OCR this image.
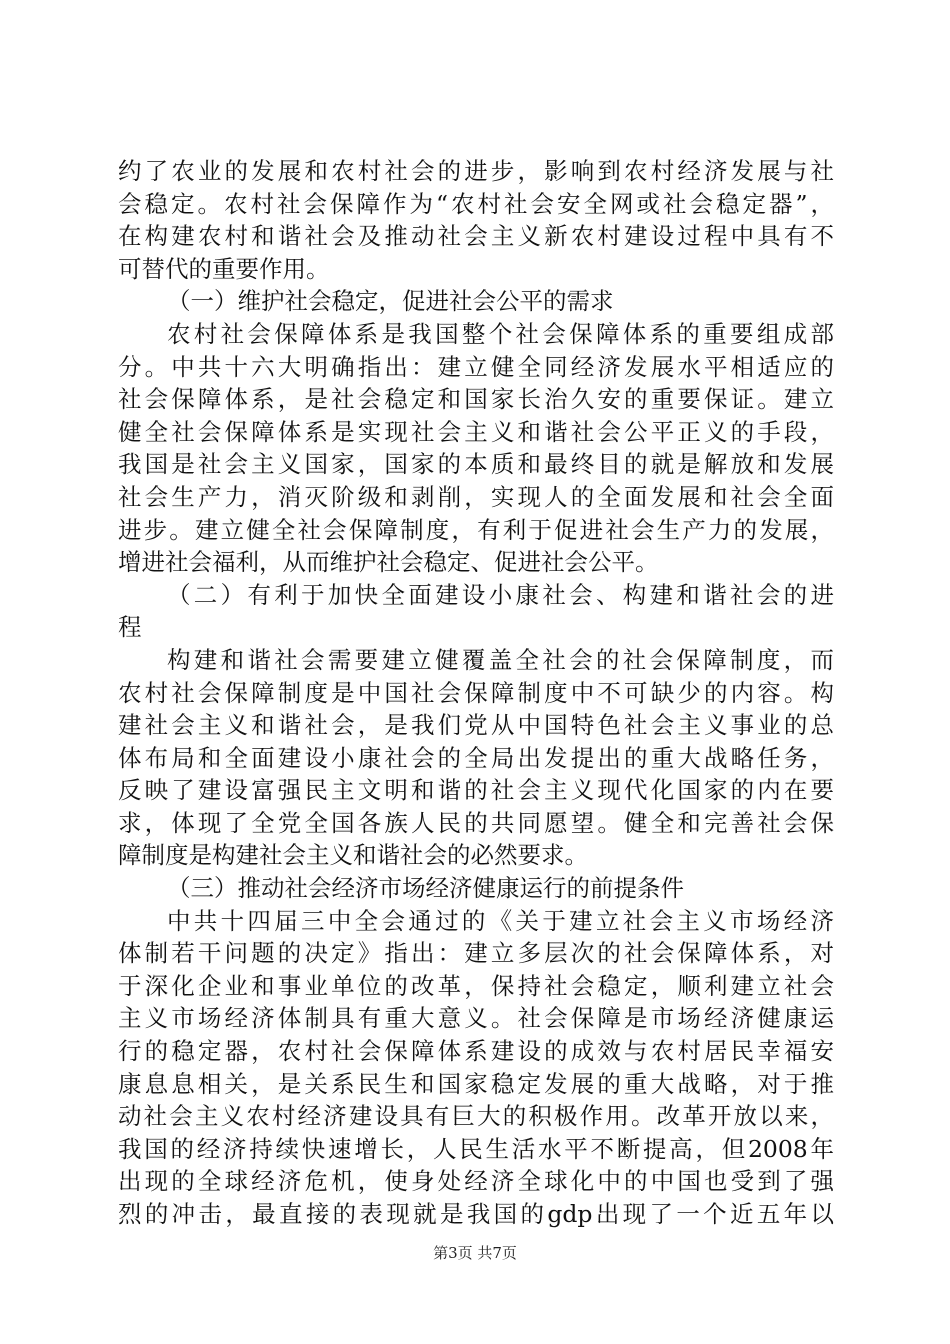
约了农业的发展和农村社会的进步，影响到农村经济发展与社
会稳定。农村社会保障作为“农村社会安全网或社会稳定器”，
在构建农村和谐社会及推动社会主义新农村建设过程中具有不
可替代的重要作用。
（一）维护社会稳定，促进社会公平的需求
农村社会保障体系是我国整个社会保障体系的重要组成部
分。中共十六大明确指出：建立健全同经济发展水平相适应的
社会保障体系，是社会稳定和国家长治久安的重要保证。建立
健全社会保障体系是实现社会主义和谐社会公平正义的手段，
我国是社会主义国家，国家的本质和最终目的就是解放和发展
社会生产力，消灭阶级和剥削，实现人的全面发展和社会全面
进步。建立健全社会保障制度，有利于促进社会生产力的发展，
增进社会福利，从而维护社会稳定、促进社会公平。
（二）有利于加快全面建设小康社会、构建和谐社会的进
程
构建和谐社会需要建立健覆盖全社会的社会保障制度，而
农村社会保障制度是中国社会保障制度中不可缺少的内容。构
建社会主义和谐社会，是我们党从中国特色社会主义事业的总
体布局和全面建设小康社会的全局出发提出的重大战略任务，
反映了建设富强民主文明和谐的社会主义现代化国家的内在要
求，体现了全党全国各族人民的共同愿望。健全和完善社会保
障制度是构建社会主义和谐社会的必然要求。
（三）推动社会经济市场经济健康运行的前提条件
中共十四届三中全会通过的《关于建立社会主义市场经济
体制若干问题的决定》指出：建立多层次的社会保障体系，对
于深化企业和事业单位的改革，保持社会稳定，顺利建立社会
主义市场经济体制具有重大意义。社会保障是市场经济健康运
行的稳定器，农村社会保障体系建设的成效与农村居民幸福安
康息息相关，是关系民生和国家稳定发展的重大战略，对于推
动社会主义农村经济建设具有巨大的积极作用。改革开放以来，
我国的经济持续快速增长，人民生活水平不断提高，但2008年
出现的全球经济危机，使身处经济全球化中的中国也受到了强
烈的冲击，最直接的表现就是我国的gdp出现了一个近五年以
第3页 共7页
